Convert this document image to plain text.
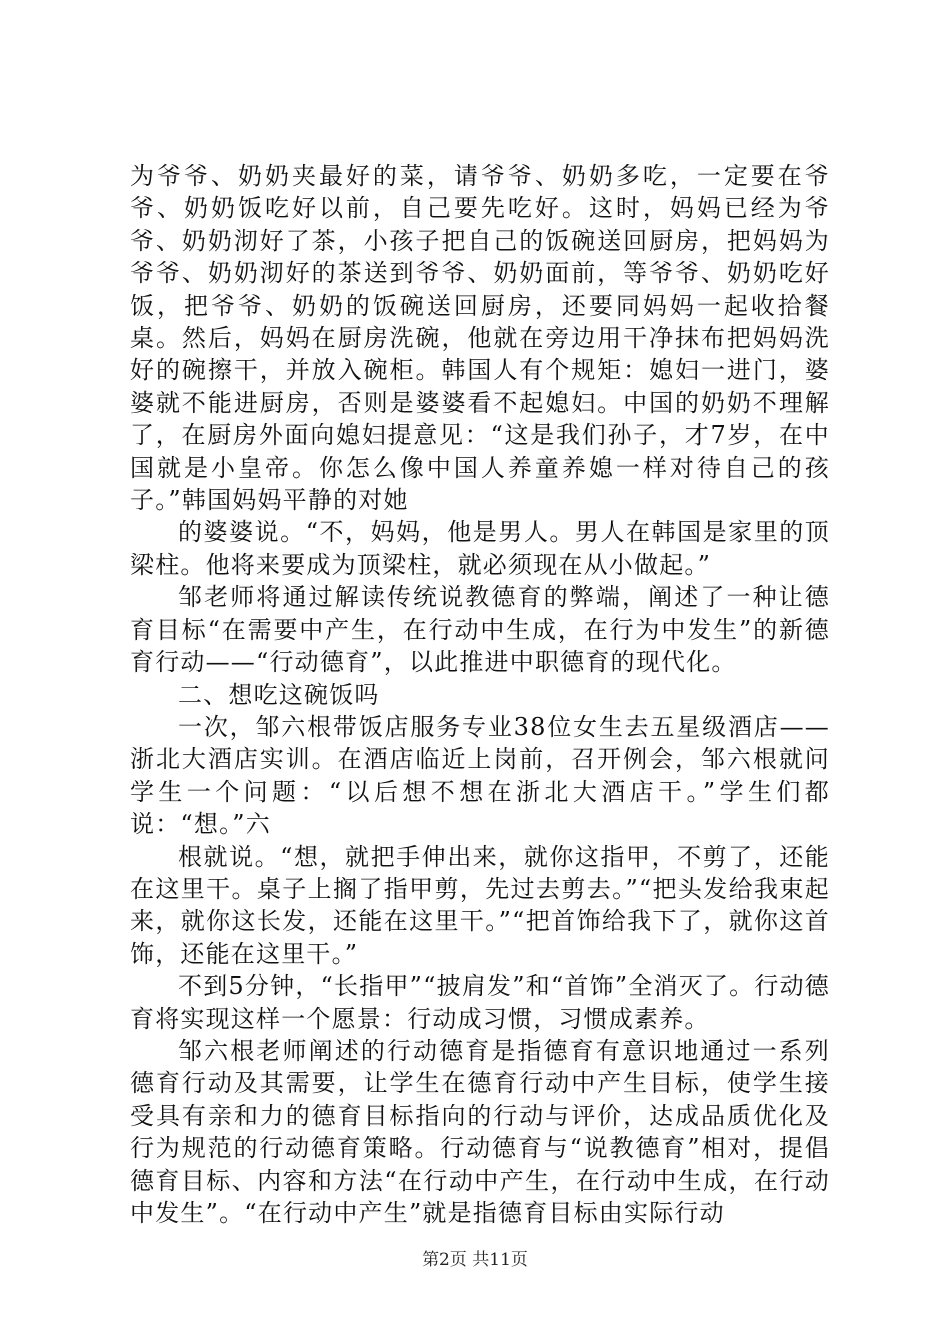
为爷爷、奶奶夹最好的菜，请爷爷、奶奶多吃，一定要在爷爷、奶奶饭吃好以前，自己要先吃好。这时，妈妈已经为爷爷、奶奶沏好了茶，小孩子把自己的饭碗送回厨房，把妈妈为爷爷、奶奶沏好的茶送到爷爷、奶奶面前，等爷爷、奶奶吃好饭，把爷爷、奶奶的饭碗送回厨房，还要同妈妈一起收拾餐桌。然后，妈妈在厨房洗碗，他就在旁边用干净抹布把妈妈洗好的碗擦干，并放入碗柜。韩国人有个规矩：媳妇一进门，婆婆就不能进厨房，否则是婆婆看不起媳妇。中国的奶奶不理解了，在厨房外面向媳妇提意见：“这是我们孙子，才7岁，在中国就是小皇帝。你怎么像中国人养童养媳一样对待自己的孩子。”韩国妈妈平静的对她

的婆婆说。“不，妈妈，他是男人。男人在韩国是家里的顶梁柱。他将来要成为顶梁柱，就必须现在从小做起。”

邹老师将通过解读传统说教德育的弊端，阐述了一种让德育目标“在需要中产生，在行动中生成，在行为中发生”的新德育行动——“行动德育”，以此推进中职德育的现代化。

二、想吃这碗饭吗

一次，邹六根带饭店服务专业38位女生去五星级酒店——浙北大酒店实训。在酒店临近上岗前，召开例会，邹六根就问学生一个问题：“以后想不想在浙北大酒店干。”学生们都说：“想。”六

根就说。“想，就把手伸出来，就你这指甲，不剪了，还能在这里干。桌子上搁了指甲剪，先过去剪去。”“把头发给我束起来，就你这长发，还能在这里干。”“把首饰给我下了，就你这首饰，还能在这里干。”

不到5分钟，“长指甲”“披肩发”和“首饰”全消灭了。行动德育将实现这样一个愿景：行动成习惯，习惯成素养。

邹六根老师阐述的行动德育是指德育有意识地通过一系列德育行动及其需要，让学生在德育行动中产生目标，使学生接受具有亲和力的德育目标指向的行动与评价，达成品质优化及行为规范的行动德育策略。行动德育与“说教德育”相对，提倡德育目标、内容和方法“在行动中产生，在行动中生成，在行动中发生”。“在行动中产生”就是指德育目标由实际行动

第2页 共11页
